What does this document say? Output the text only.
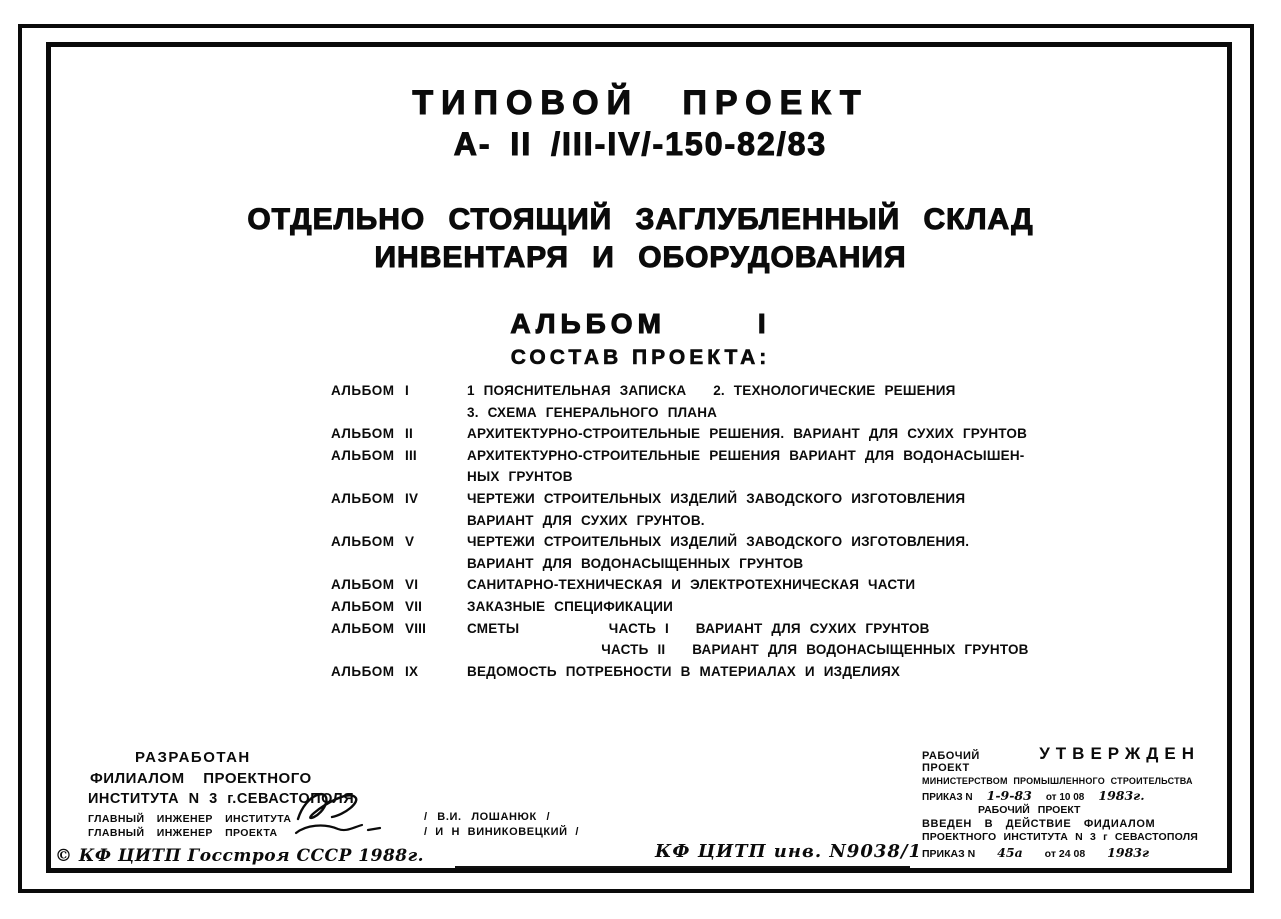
ТИПОВОЙ ПРОЕКТ
А- II /III-IV/-150-82/83
ОТДЕЛЬНО СТОЯЩИЙ ЗАГЛУБЛЕННЫЙ СКЛАД
ИНВЕНТАРЯ И ОБОРУДОВАНИЯ
АЛЬБОМ	I
СОСТАВ ПРОЕКТА:
АЛЬБОМ I	1 ПОЯСНИТЕЛЬНАЯ ЗАПИСКА   2. ТЕХНОЛОГИЧЕСКИЕ РЕШЕНИЯ
3. СХЕМА ГЕНЕРАЛЬНОГО ПЛАНА
АЛЬБОМ II	АРХИТЕКТУРНО-СТРОИТЕЛЬНЫЕ РЕШЕНИЯ. ВАРИАНТ ДЛЯ СУХИХ ГРУНТОВ
АЛЬБОМ III	АРХИТЕКТУРНО-СТРОИТЕЛЬНЫЕ РЕШЕНИЯ ВАРИАНТ ДЛЯ ВОДОНАСЫШЕН-
НЫХ ГРУНТОВ
АЛЬБОМ IV	ЧЕРТЕЖИ СТРОИТЕЛЬНЫХ ИЗДЕЛИЙ ЗАВОДСКОГО ИЗГОТОВЛЕНИЯ
ВАРИАНТ ДЛЯ СУХИХ ГРУНТОВ.
АЛЬБОМ V	ЧЕРТЕЖИ СТРОИТЕЛЬНЫХ ИЗДЕЛИЙ ЗАВОДСКОГО ИЗГОТОВЛЕНИЯ.
ВАРИАНТ ДЛЯ ВОДОНАСЫЩЕННЫХ ГРУНТОВ
АЛЬБОМ VI	САНИТАРНО-ТЕХНИЧЕСКАЯ И ЭЛЕКТРОТЕХНИЧЕСКАЯ ЧАСТИ
АЛЬБОМ VII	ЗАКАЗНЫЕ СПЕЦИФИКАЦИИ
АЛЬБОМ VIII	СМЕТЫ          ЧАСТЬ I   ВАРИАНТ ДЛЯ СУХИХ ГРУНТОВ
ЧАСТЬ II   ВАРИАНТ ДЛЯ ВОДОНАСЫЩЕННЫХ ГРУНТОВ
АЛЬБОМ IX	ВЕДОМОСТЬ ПОТРЕБНОСТИ В МАТЕРИАЛАХ И ИЗДЕЛИЯХ
РАЗРАБОТАН
ФИЛИАЛОМ ПРОЕКТНОГО
ИНСТИТУТА N 3 г.СЕВАСТОПОЛЯ
ГЛАВНЫЙ ИНЖЕНЕР ИНСТИТУТА
ГЛАВНЫЙ ИНЖЕНЕР ПРОЕКТА
/ В.И. ЛОШАНЮК /
/ И Н ВИНИКОВЕЦКИЙ /
РАБОЧИЙ ПРОЕКТ
УТВЕРЖДЕН
МИНИСТЕРСТВОМ ПРОМЫШЛЕННОГО СТРОИТЕЛЬСТВА
ПРИКАЗ N 1-9-83 от 10 08 1983г.
РАБОЧИЙ ПРОЕКТ
ВВЕДЕН В ДЕЙСТВИЕ ФИДИАЛОМ
ПРОЕКТНОГО ИНСТИТУТА N 3 г СЕВАСТОПОЛЯ
ПРИКАЗ N 45а от 24 08 1983г
© КФ ЦИТП Госстроя СССР 1988г.	КФ ЦИТП инв. N9038/1
